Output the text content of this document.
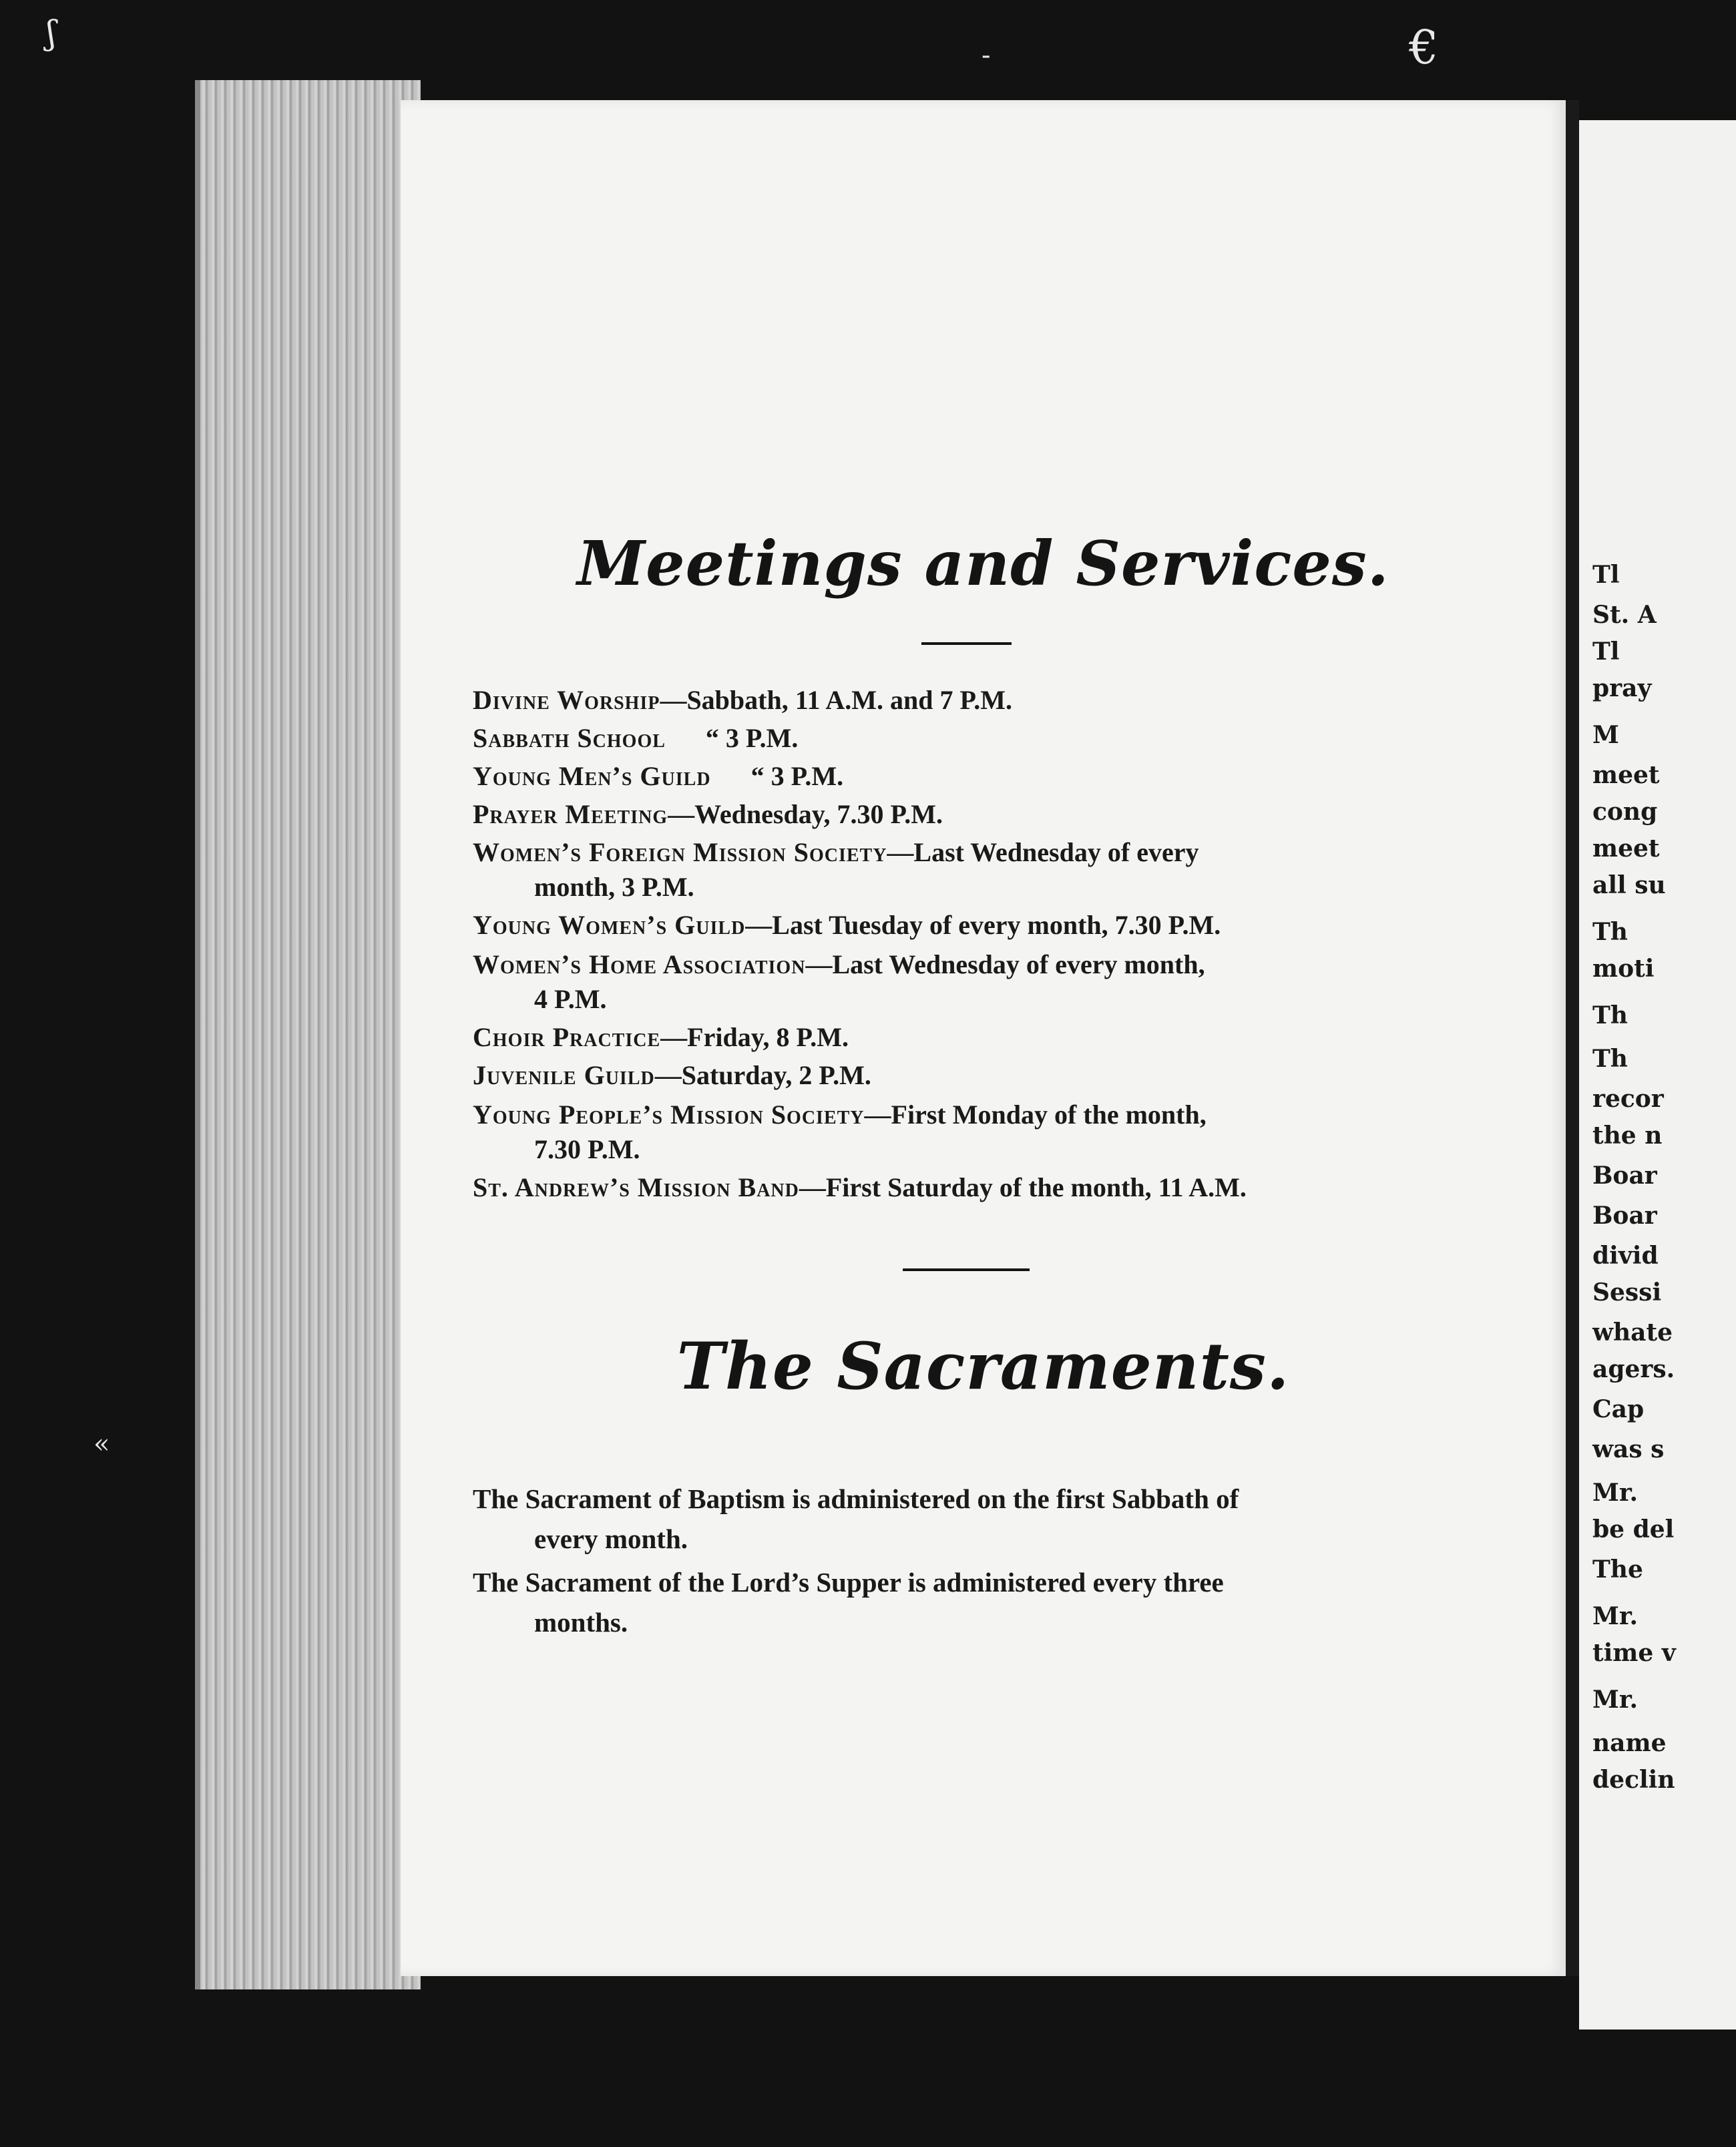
ʃ	€
-
«
Meetings and Services.
Divine Worship—Sabbath, 11 A.M. and 7 P.M.
Sabbath School “ 3 P.M.
Young Men’s Guild “ 3 P.M.
Prayer Meeting—Wednesday, 7.30 P.M.
Women’s Foreign Mission Society—Last Wednesday of every
month, 3 P.M.
Young Women’s Guild—Last Tuesday of every month, 7.30 P.M.
Women’s Home Association—Last Wednesday of every month,
4 P.M.
Choir Practice—Friday, 8 P.M.
Juvenile Guild—Saturday, 2 P.M.
Young People’s Mission Society—First Monday of the month,
7.30 P.M.
St. Andrew’s Mission Band—First Saturday of the month, 11 A.M.
The Sacraments.
The Sacrament of Baptism is administered on the first Sabbath of
every month.
The Sacrament of the Lord’s Supper is administered every three
months.
Tl
St. A
Tl
pray
M
meet
cong
meet
all su
Th
moti
Th
Th
recor
the n
Boar
Boar
divid
Sessi
whate
agers.
Cap
was s
Mr.
be del
The
Mr.
time v
Mr.
name
declin
